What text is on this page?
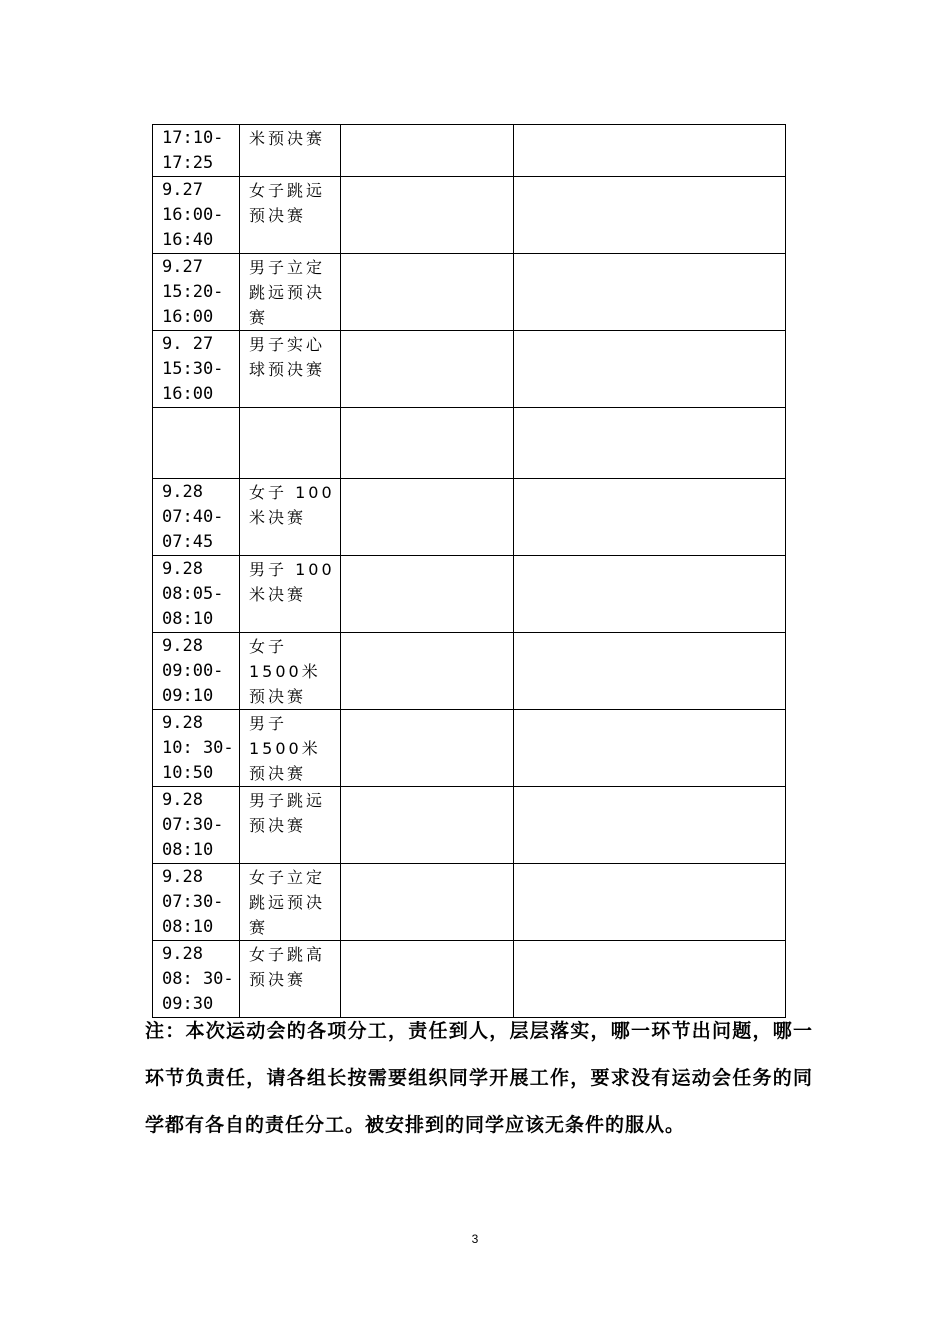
17:10-
17:25	米预决赛		

9.27
16:00-
16:40	女子跳远预决赛		

9.27
15:20-
16:00	男子立定跳远预决赛		

9. 27
15:30-
16:00	男子实心球预决赛		

9.28
07:40-
07:45	女子 100 米决赛		

9.28
08:05-
08:10	男子 100 米决赛		

9.28
09:00-
09:10	女子1500米预决赛		

9.28
10: 30-
10:50	男子1500米预决赛		

9.28
07:30-
08:10	男子跳远预决赛		

9.28
07:30-
08:10	女子立定跳远预决赛		

9.28
08: 30-
09:30	女子跳高预决赛		

注：本次运动会的各项分工，责任到人，层层落实，哪一环节出问题，哪一环节负责任，请各组长按需要组织同学开展工作，要求没有运动会任务的同学都有各自的责任分工。被安排到的同学应该无条件的服从。

3
